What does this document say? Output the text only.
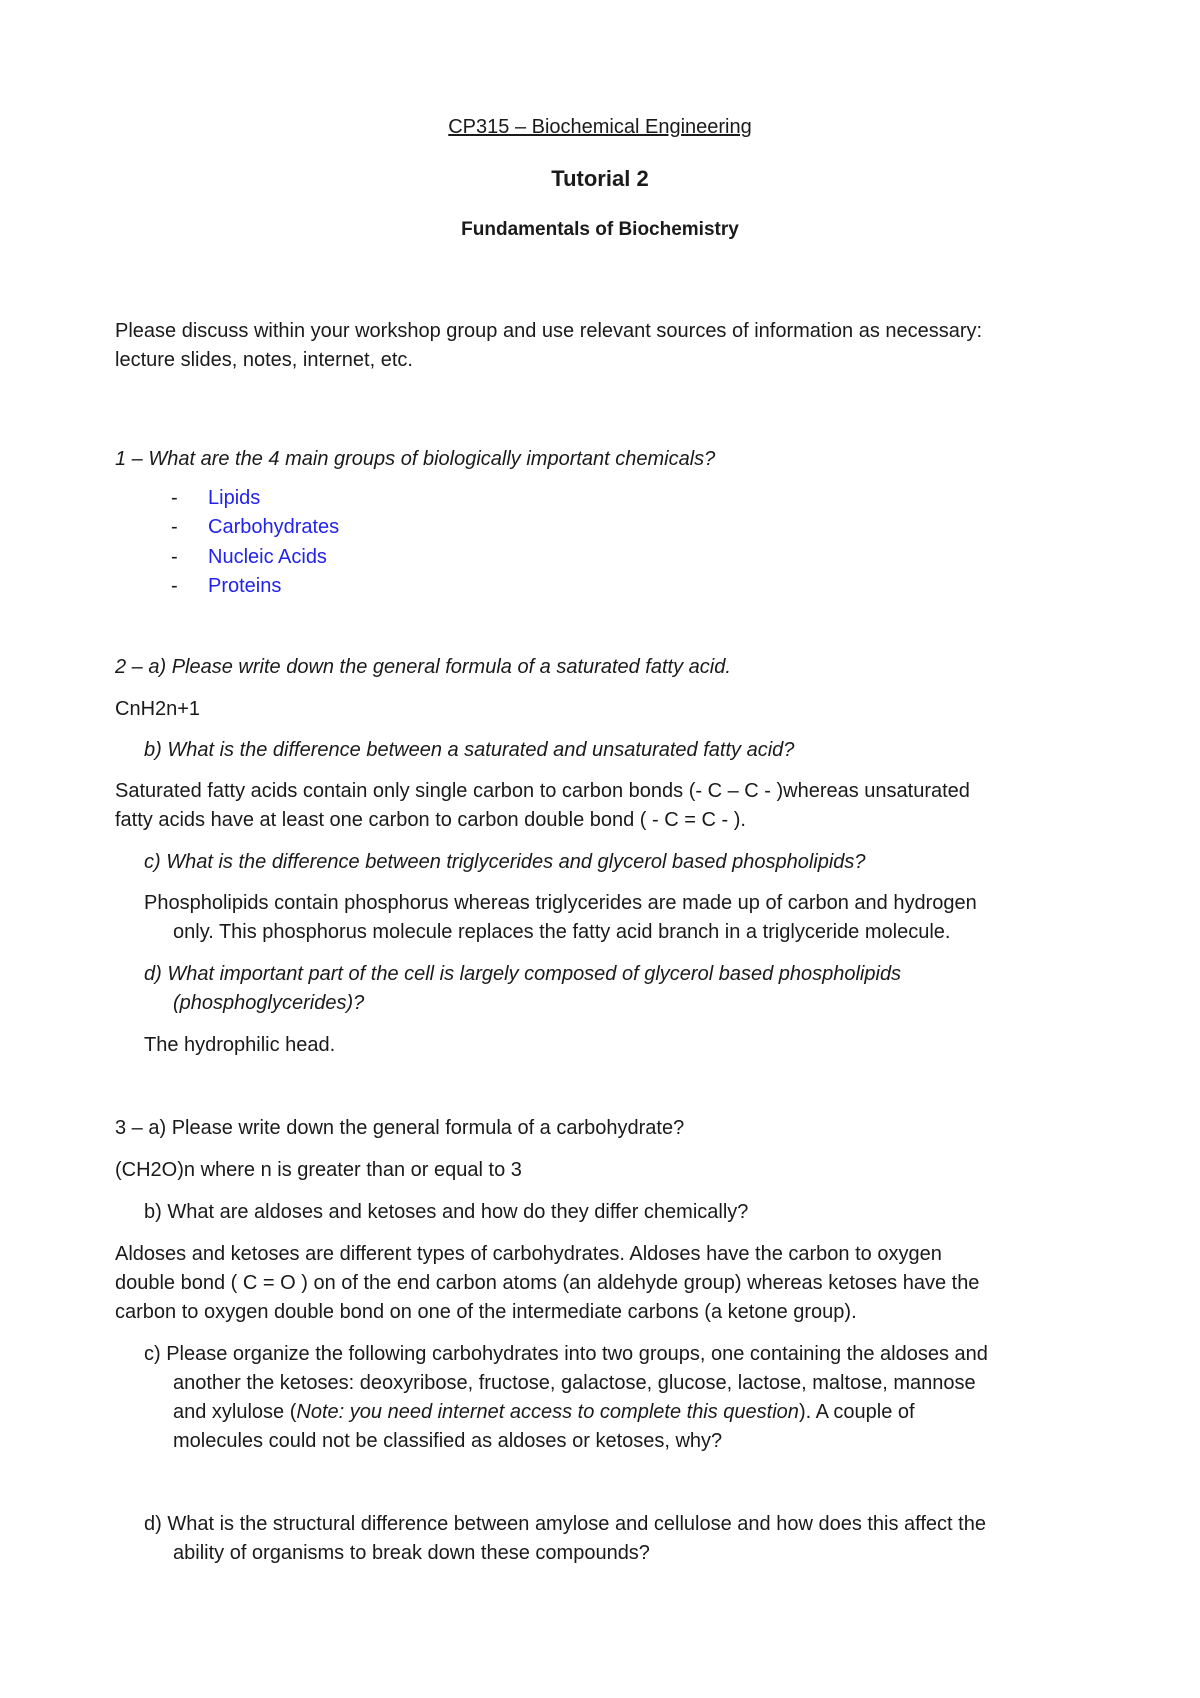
CP315 – Biochemical Engineering
Tutorial 2
Fundamentals of Biochemistry
Please discuss within your workshop group and use relevant sources of information as necessary:
lecture slides, notes, internet, etc.
1 – What are the 4 main groups of biologically important chemicals?
- Lipids
- Carbohydrates
- Nucleic Acids
- Proteins
2 – a) Please write down the general formula of a saturated fatty acid.
CnH2n+1
b) What is the difference between a saturated and unsaturated fatty acid?
Saturated fatty acids contain only single carbon to carbon bonds (- C – C - )whereas unsaturated
fatty acids have at least one carbon to carbon double bond ( - C = C - ).
c) What is the difference between triglycerides and glycerol based phospholipids?
Phospholipids contain phosphorus whereas triglycerides are made up of carbon and hydrogen
only. This phosphorus molecule replaces the fatty acid branch in a triglyceride molecule.
d) What important part of the cell is largely composed of glycerol based phospholipids
(phosphoglycerides)?
The hydrophilic head.
3 – a) Please write down the general formula of a carbohydrate?
(CH2O)n where n is greater than or equal to 3
b) What are aldoses and ketoses and how do they differ chemically?
Aldoses and ketoses are different types of carbohydrates. Aldoses have the carbon to oxygen
double bond ( C = O ) on of the end carbon atoms (an aldehyde group) whereas ketoses have the
carbon to oxygen double bond on one of the intermediate carbons (a ketone group).
c) Please organize the following carbohydrates into two groups, one containing the aldoses and
another the ketoses: deoxyribose, fructose, galactose, glucose, lactose, maltose, mannose
and xylulose (Note: you need internet access to complete this question). A couple of
molecules could not be classified as aldoses or ketoses, why?
d) What is the structural difference between amylose and cellulose and how does this affect the
ability of organisms to break down these compounds?
